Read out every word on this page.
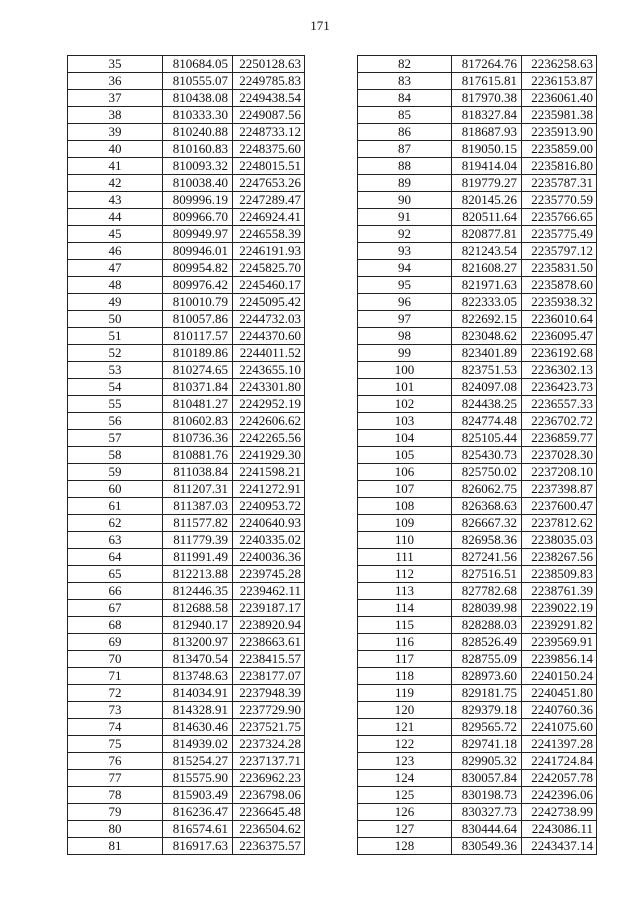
171
35	810684.05	2250128.63
36	810555.07	2249785.83
37	810438.08	2249438.54
38	810333.30	2249087.56
39	810240.88	2248733.12
40	810160.83	2248375.60
41	810093.32	2248015.51
42	810038.40	2247653.26
43	809996.19	2247289.47
44	809966.70	2246924.41
45	809949.97	2246558.39
46	809946.01	2246191.93
47	809954.82	2245825.70
48	809976.42	2245460.17
49	810010.79	2245095.42
50	810057.86	2244732.03
51	810117.57	2244370.60
52	810189.86	2244011.52
53	810274.65	2243655.10
54	810371.84	2243301.80
55	810481.27	2242952.19
56	810602.83	2242606.62
57	810736.36	2242265.56
58	810881.76	2241929.30
59	811038.84	2241598.21
60	811207.31	2241272.91
61	811387.03	2240953.72
62	811577.82	2240640.93
63	811779.39	2240335.02
64	811991.49	2240036.36
65	812213.88	2239745.28
66	812446.35	2239462.11
67	812688.58	2239187.17
68	812940.17	2238920.94
69	813200.97	2238663.61
70	813470.54	2238415.57
71	813748.63	2238177.07
72	814034.91	2237948.39
73	814328.91	2237729.90
74	814630.46	2237521.75
75	814939.02	2237324.28
76	815254.27	2237137.71
77	815575.90	2236962.23
78	815903.49	2236798.06
79	816236.47	2236645.48
80	816574.61	2236504.62
81	816917.63	2236375.57
82	817264.76	2236258.63
83	817615.81	2236153.87
84	817970.38	2236061.40
85	818327.84	2235981.38
86	818687.93	2235913.90
87	819050.15	2235859.00
88	819414.04	2235816.80
89	819779.27	2235787.31
90	820145.26	2235770.59
91	820511.64	2235766.65
92	820877.81	2235775.49
93	821243.54	2235797.12
94	821608.27	2235831.50
95	821971.63	2235878.60
96	822333.05	2235938.32
97	822692.15	2236010.64
98	823048.62	2236095.47
99	823401.89	2236192.68
100	823751.53	2236302.13
101	824097.08	2236423.73
102	824438.25	2236557.33
103	824774.48	2236702.72
104	825105.44	2236859.77
105	825430.73	2237028.30
106	825750.02	2237208.10
107	826062.75	2237398.87
108	826368.63	2237600.47
109	826667.32	2237812.62
110	826958.36	2238035.03
111	827241.56	2238267.56
112	827516.51	2238509.83
113	827782.68	2238761.39
114	828039.98	2239022.19
115	828288.03	2239291.82
116	828526.49	2239569.91
117	828755.09	2239856.14
118	828973.60	2240150.24
119	829181.75	2240451.80
120	829379.18	2240760.36
121	829565.72	2241075.60
122	829741.18	2241397.28
123	829905.32	2241724.84
124	830057.84	2242057.78
125	830198.73	2242396.06
126	830327.73	2242738.99
127	830444.64	2243086.11
128	830549.36	2243437.14
